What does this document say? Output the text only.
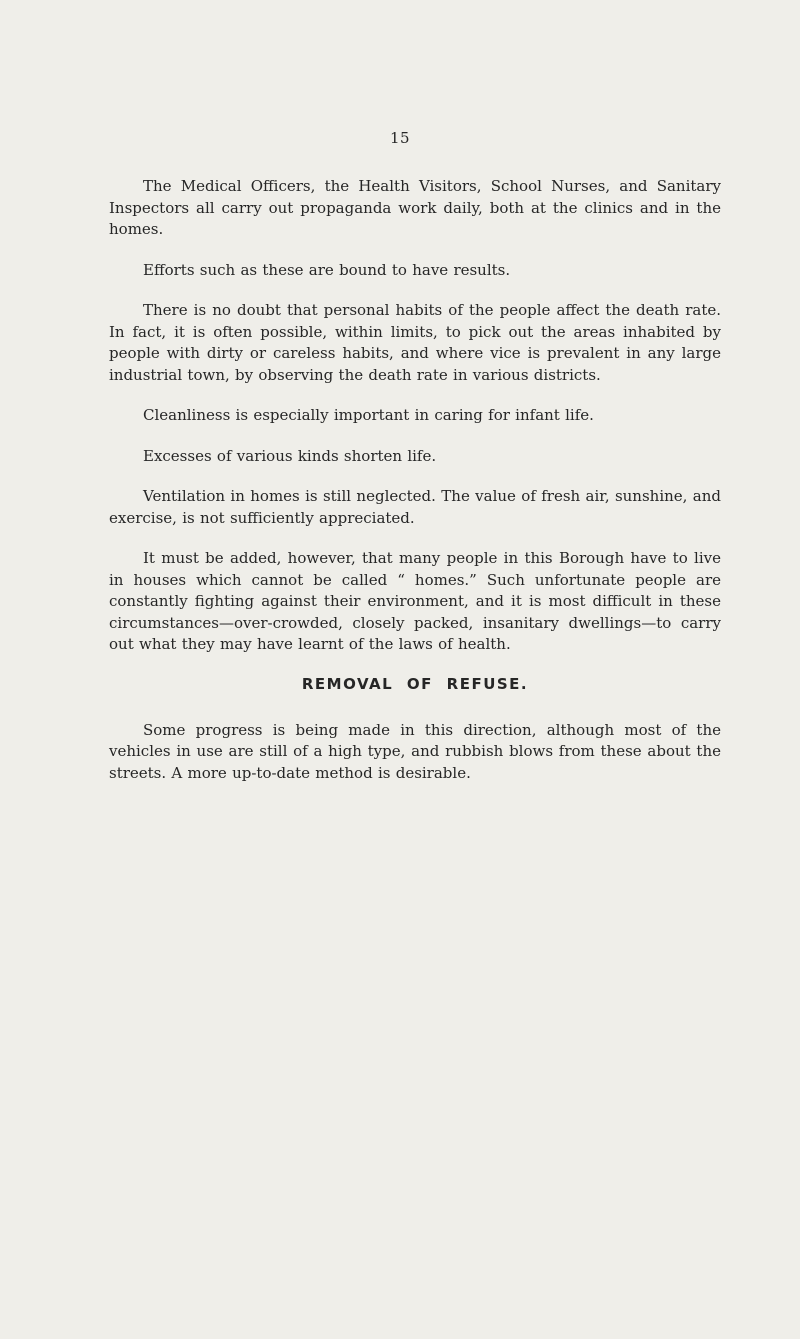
15

The Medical Officers, the Health Visitors, School Nurses, and Sanitary Inspectors all carry out propaganda work daily, both at the clinics and in the homes.

Efforts such as these are bound to have results.

There is no doubt that personal habits of the people affect the death rate. In fact, it is often possible, within limits, to pick out the areas inhabited by people with dirty or careless habits, and where vice is prevalent in any large industrial town, by observing the death rate in various districts.

Cleanliness is especially important in caring for infant life.

Excesses of various kinds shorten life.

Ventilation in homes is still neglected. The value of fresh air, sunshine, and exercise, is not sufficiently appreciated.

It must be added, however, that many people in this Borough have to live in houses which cannot be called “ homes.” Such unfortunate people are constantly fighting against their environment, and it is most difficult in these circumstances—over-crowded, closely packed, insanitary dwellings—to carry out what they may have learnt of the laws of health.

REMOVAL OF REFUSE.

Some progress is being made in this direction, although most of the vehicles in use are still of a high type, and rubbish blows from these about the streets. A more up-to-date method is desirable.
